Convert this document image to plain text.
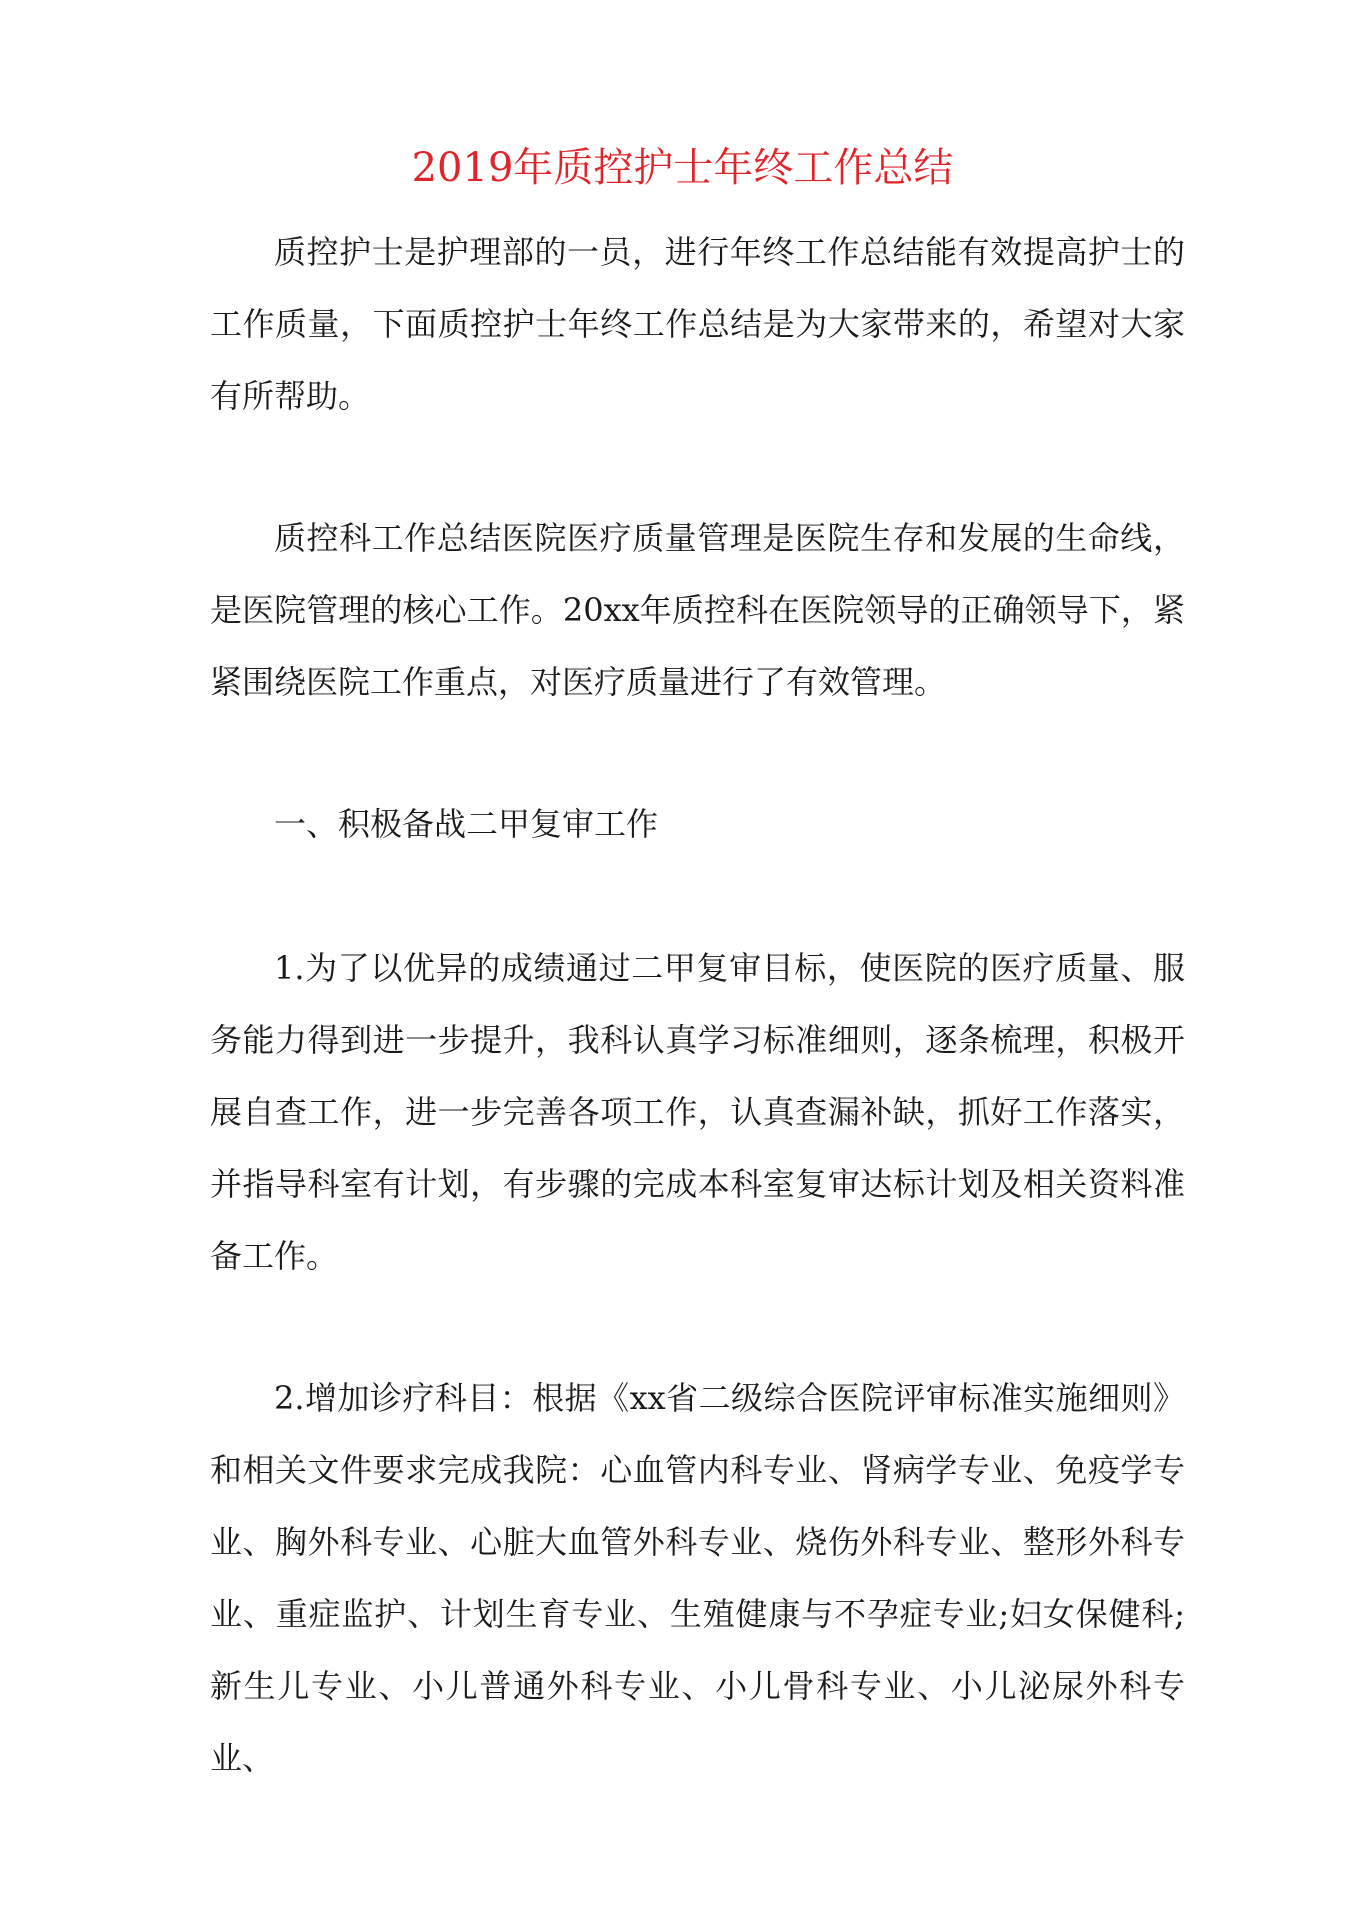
2019年质控护士年终工作总结

质控护士是护理部的一员，进行年终工作总结能有效提高护士的工作质量，下面质控护士年终工作总结是为大家带来的，希望对大家有所帮助。

质控科工作总结医院医疗质量管理是医院生存和发展的生命线，是医院管理的核心工作。20xx年质控科在医院领导的正确领导下，紧紧围绕医院工作重点，对医疗质量进行了有效管理。

一、积极备战二甲复审工作

1.为了以优异的成绩通过二甲复审目标，使医院的医疗质量、服务能力得到进一步提升，我科认真学习标准细则，逐条梳理，积极开展自查工作，进一步完善各项工作，认真查漏补缺，抓好工作落实，并指导科室有计划，有步骤的完成本科室复审达标计划及相关资料准备工作。

2.增加诊疗科目：根据《xx省二级综合医院评审标准实施细则》和相关文件要求完成我院：心血管内科专业、肾病学专业、免疫学专业、胸外科专业、心脏大血管外科专业、烧伤外科专业、整形外科专业、重症监护、计划生育专业、生殖健康与不孕症专业;妇女保健科;新生儿专业、小儿普通外科专业、小儿骨科专业、小儿泌尿外科专业、
